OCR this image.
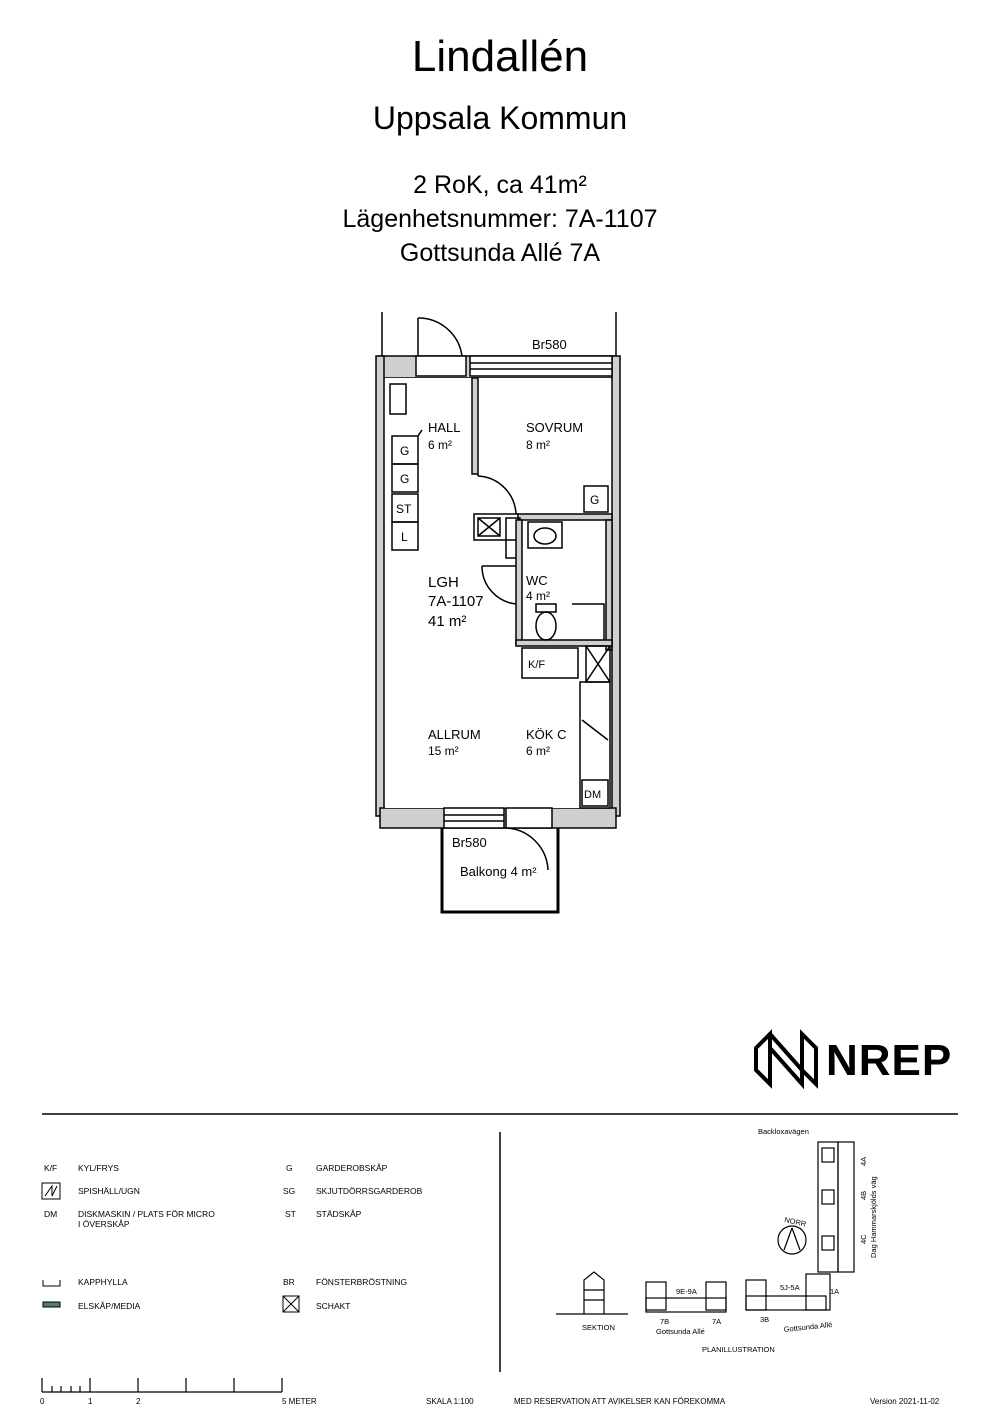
Lindallén
Uppsala Kommun
2 RoK, ca 41m²
Lägenhetsnummer: 7A-1107
Gottsunda Allé 7A
Br580
HALL
6 m²
SOVRUM
8 m²
WC
4 m²
LGH
7A-1107
41 m²
ALLRUM
15 m²
KÖK C
6 m²
Br580
Balkong 4 m²
G
G
G
ST
L
K/F
DM
Backloxavägen
Dag Hammarskjölds väg
NORR
4A
4B
4C
9E-9A
7B	7A
5J-5A
3B
1A
Gottsunda Allé	Gottsunda Allé
SEKTION
PLANILLUSTRATION
NREP
K/F KYL/FRYS
SPISHÄLL/UGN
DM DISKMASKIN / PLATS FÖR MICRO I ÖVERSKÅP
KAPPHYLLA
ELSKÅP/MEDIA
G	GARDEROBSKÅP
SG SKJUTDÖRRSGARDEROB
ST STÄDSKÅP
BR FÖNSTERBRÖSTNING
SCHAKT
0	1	2	5 METER	SKALA 1:100	MED RESERVATION ATT AVIKELSER KAN FÖREKOMMA	Version 2021-11-02
